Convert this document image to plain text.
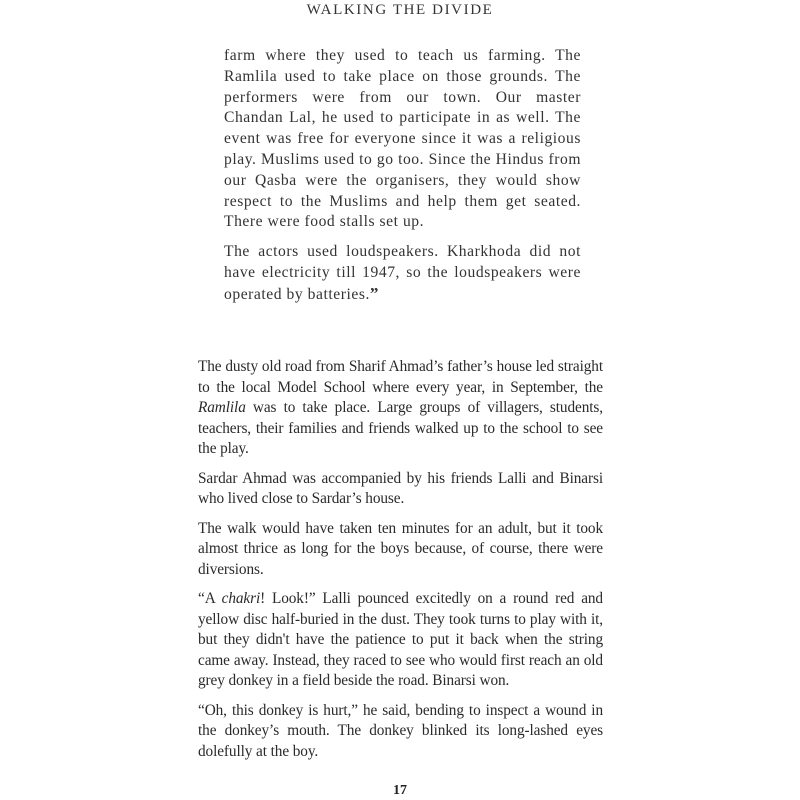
WALKING THE DIVIDE

farm where they used to teach us farming. The Ramlila used to take place on those grounds. The performers were from our town. Our master Chandan Lal, he used to participate in as well. The event was free for everyone since it was a religious play. Muslims used to go too. Since the Hindus from our Qasba were the organisers, they would show respect to the Muslims and help them get seated. There were food stalls set up.

The actors used loudspeakers. Kharkhoda did not have electricity till 1947, so the loudspeakers were operated by batteries.”

The dusty old road from Sharif Ahmad’s father’s house led straight to the local Model School where every year, in September, the Ramlila was to take place. Large groups of villagers, students, teachers, their families and friends walked up to the school to see the play.

Sardar Ahmad was accompanied by his friends Lalli and Binarsi who lived close to Sardar’s house.

The walk would have taken ten minutes for an adult, but it took almost thrice as long for the boys because, of course, there were diversions.

“A chakri! Look!” Lalli pounced excitedly on a round red and yellow disc half-buried in the dust. They took turns to play with it, but they didn't have the patience to put it back when the string came away. Instead, they raced to see who would first reach an old grey donkey in a field beside the road. Binarsi won.

“Oh, this donkey is hurt,” he said, bending to inspect a wound in the donkey’s mouth. The donkey blinked its long-lashed eyes dolefully at the boy.

17
